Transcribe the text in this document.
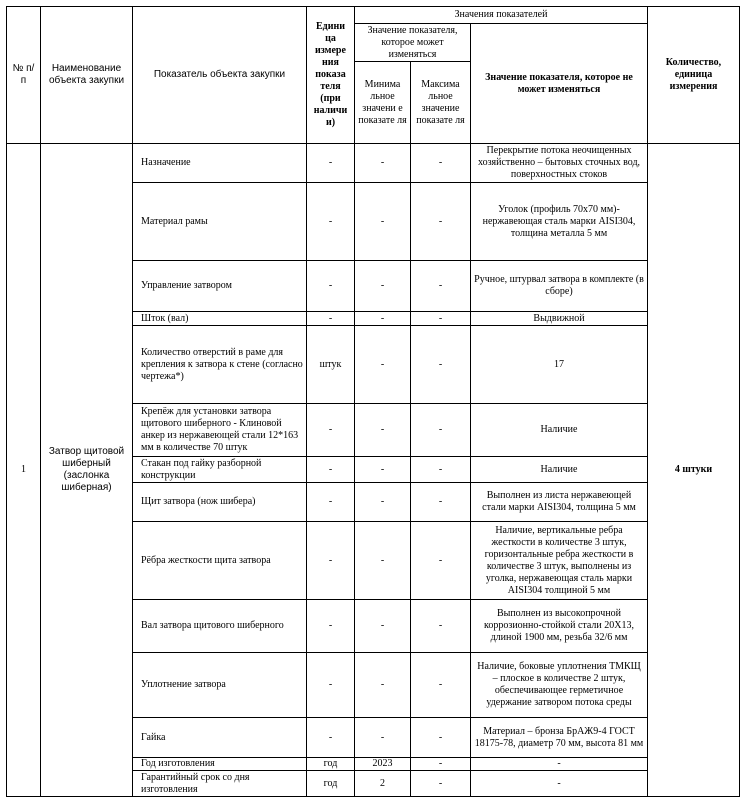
№ п/п	Наименование объекта закупки	Показатель объекта закупки	Едини ца измере ния показа теля (при наличи и)	Значения показателей			Количество, единица измерения
				Значение показателя, которое может изменяться		Значение показателя, которое не может изменяться	
				Минима льное значени е показате ля	Максима льное значение показате ля		
1	Затвор щитовой шиберный (заслонка шиберная)	Назначение	-	-	-	Перекрытие потока неочищенных хозяйственно – бытовых сточных вод, поверхностных стоков	4 штуки
		Материал рамы	-	-	-	Уголок (профиль 70х70 мм)- нержавеющая сталь марки AISI304, толщина металла 5 мм	
		Управление затвором	-	-	-	Ручное, штурвал затвора в комплекте (в сборе)	
		Шток (вал)	-	-	-	Выдвижной	
		Количество отверстий в раме для крепления к затвора к стене (согласно чертежа*)	штук	-	-	17	
		Крепёж для установки затвора щитового шиберного - Клиновой анкер из нержавеющей стали 12*163 мм в количестве 70 штук	-	-	-	Наличие	
		Стакан под гайку разборной конструкции	-	-	-	Наличие	
		Щит затвора (нож шибера)	-	-	-	Выполнен из листа нержавеющей стали марки AISI304, толщина 5 мм	
		Рёбра жесткости щита затвора	-	-	-	Наличие, вертикальные ребра жесткости в количестве 3 штук, горизонтальные ребра жесткости в количестве 3 штук, выполнены из уголка, нержавеющая сталь марки AISI304 толщиной 5 мм	
		Вал затвора щитового шиберного	-	-	-	Выполнен из высокопрочной коррозионно-стойкой стали 20Х13, длиной 1900 мм, резьба 32/6 мм	
		Уплотнение затвора	-	-	-	Наличие, боковые уплотнения ТМКЩ – плоское в количестве 2 штук, обеспечивающее герметичное удержание затвором потока среды	
		Гайка	-	-	-	Материал – бронза БрАЖ9-4 ГОСТ 18175-78, диаметр 70 мм, высота 81 мм	
		Год изготовления	год	2023	-	-	
		Гарантийный срок со дня изготовления	год	2	-	-	
